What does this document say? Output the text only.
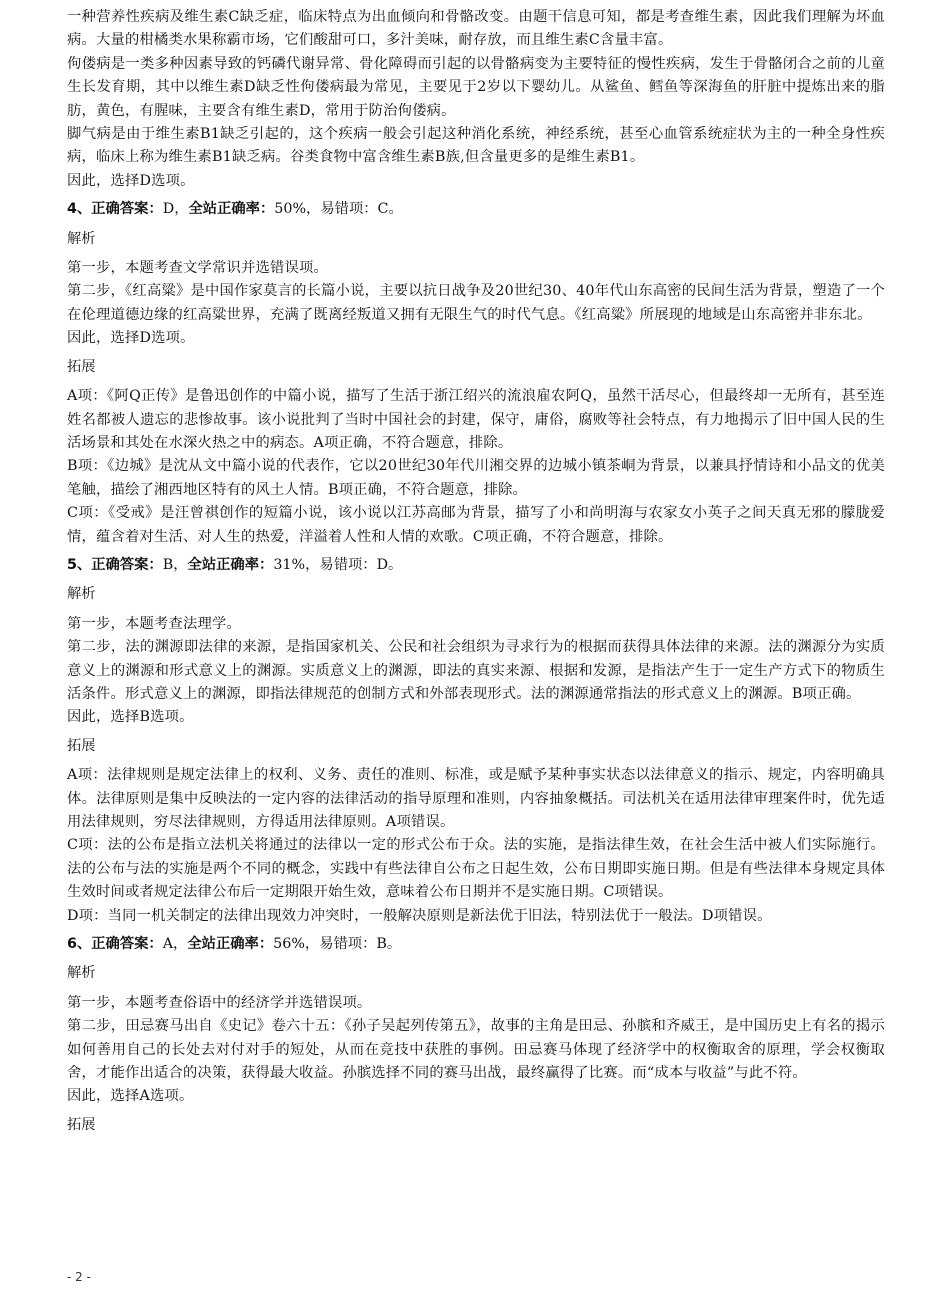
一种营养性疾病及维生素C缺乏症，临床特点为出血倾向和骨骼改变。由题干信息可知，都是考查维生素，因此我们理解为坏血病。大量的柑橘类水果称霸市场，它们酸甜可口，多汁美味，耐存放，而且维生素C含量丰富。

佝偻病是一类多种因素导致的钙磷代谢异常、骨化障碍而引起的以骨骼病变为主要特征的慢性疾病，发生于骨骼闭合之前的儿童生长发育期，其中以维生素D缺乏性佝偻病最为常见，主要见于2岁以下婴幼儿。从鲨鱼、鳕鱼等深海鱼的肝脏中提炼出来的脂肪，黄色，有腥味，主要含有维生素D，常用于防治佝偻病。

脚气病是由于维生素B1缺乏引起的，这个疾病一般会引起这种消化系统，神经系统，甚至心血管系统症状为主的一种全身性疾病，临床上称为维生素B1缺乏病。谷类食物中富含维生素B族,但含量更多的是维生素B1。

因此，选择D选项。

4、正确答案：D，全站正确率：50%，易错项：C。

解析

第一步，本题考查文学常识并选错误项。

第二步，《红高粱》是中国作家莫言的长篇小说，主要以抗日战争及20世纪30、40年代山东高密的民间生活为背景，塑造了一个在伦理道德边缘的红高粱世界，充满了既离经叛道又拥有无限生气的时代气息。《红高粱》所展现的地域是山东高密并非东北。

因此，选择D选项。

拓展

A项：《阿Q正传》是鲁迅创作的中篇小说，描写了生活于浙江绍兴的流浪雇农阿Q，虽然干活尽心，但最终却一无所有，甚至连姓名都被人遗忘的悲惨故事。该小说批判了当时中国社会的封建，保守，庸俗，腐败等社会特点，有力地揭示了旧中国人民的生活场景和其处在水深火热之中的病态。A项正确，不符合题意，排除。

B项：《边城》是沈从文中篇小说的代表作，它以20世纪30年代川湘交界的边城小镇茶峒为背景，以兼具抒情诗和小品文的优美笔触，描绘了湘西地区特有的风土人情。B项正确，不符合题意，排除。

C项：《受戒》是汪曾祺创作的短篇小说，该小说以江苏高邮为背景，描写了小和尚明海与农家女小英子之间天真无邪的朦胧爱情，蕴含着对生活、对人生的热爱，洋溢着人性和人情的欢歌。C项正确，不符合题意，排除。

5、正确答案：B，全站正确率：31%，易错项：D。

解析

第一步，本题考查法理学。

第二步，法的渊源即法律的来源，是指国家机关、公民和社会组织为寻求行为的根据而获得具体法律的来源。法的渊源分为实质意义上的渊源和形式意义上的渊源。实质意义上的渊源，即法的真实来源、根据和发源，是指法产生于一定生产方式下的物质生活条件。形式意义上的渊源，即指法律规范的创制方式和外部表现形式。法的渊源通常指法的形式意义上的渊源。B项正确。

因此，选择B选项。

拓展

A项：法律规则是规定法律上的权利、义务、责任的准则、标准，或是赋予某种事实状态以法律意义的指示、规定，内容明确具体。法律原则是集中反映法的一定内容的法律活动的指导原理和准则，内容抽象概括。司法机关在适用法律审理案件时，优先适用法律规则，穷尽法律规则，方得适用法律原则。A项错误。

C项：法的公布是指立法机关将通过的法律以一定的形式公布于众。法的实施，是指法律生效，在社会生活中被人们实际施行。法的公布与法的实施是两个不同的概念，实践中有些法律自公布之日起生效，公布日期即实施日期。但是有些法律本身规定具体生效时间或者规定法律公布后一定期限开始生效，意味着公布日期并不是实施日期。C项错误。

D项：当同一机关制定的法律出现效力冲突时，一般解决原则是新法优于旧法，特别法优于一般法。D项错误。

6、正确答案：A，全站正确率：56%，易错项：B。

解析

第一步，本题考查俗语中的经济学并选错误项。

第二步，田忌赛马出自《史记》卷六十五：《孙子吴起列传第五》，故事的主角是田忌、孙膑和齐威王，是中国历史上有名的揭示如何善用自己的长处去对付对手的短处，从而在竞技中获胜的事例。田忌赛马体现了经济学中的权衡取舍的原理，学会权衡取舍，才能作出适合的决策，获得最大收益。孙膑选择不同的赛马出战，最终赢得了比赛。而“成本与收益”与此不符。

因此，选择A选项。

拓展

- 2 -
